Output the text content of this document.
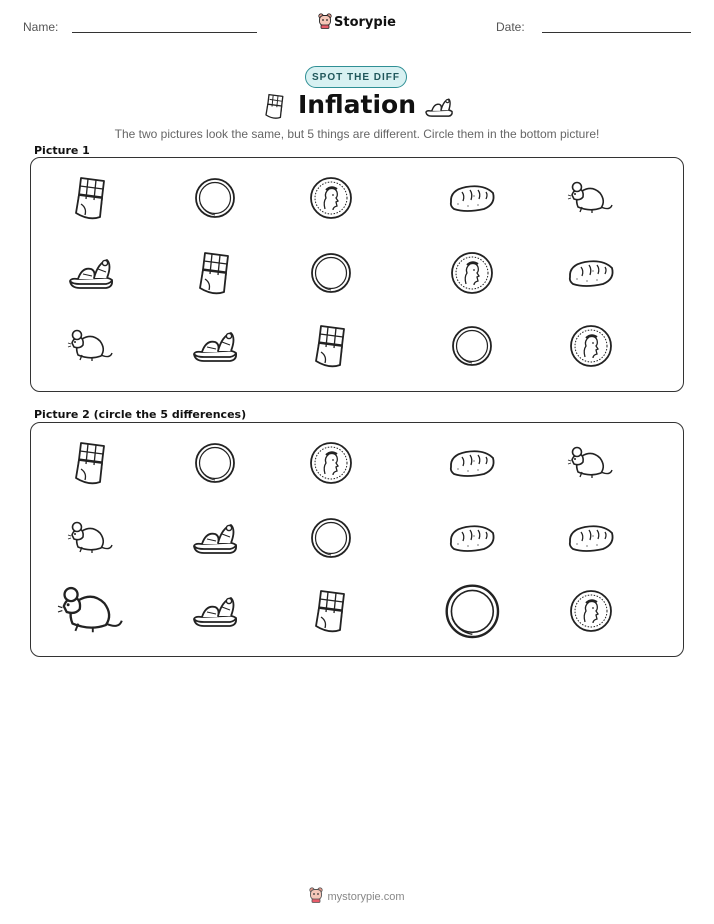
Name:	Storypie	Date:
SPOT THE DIFF
Inflation
The two pictures look the same, but 5 things are different. Circle them in the bottom picture!
Picture 1
Picture 2 (circle the 5 differences)
mystorypie.com
